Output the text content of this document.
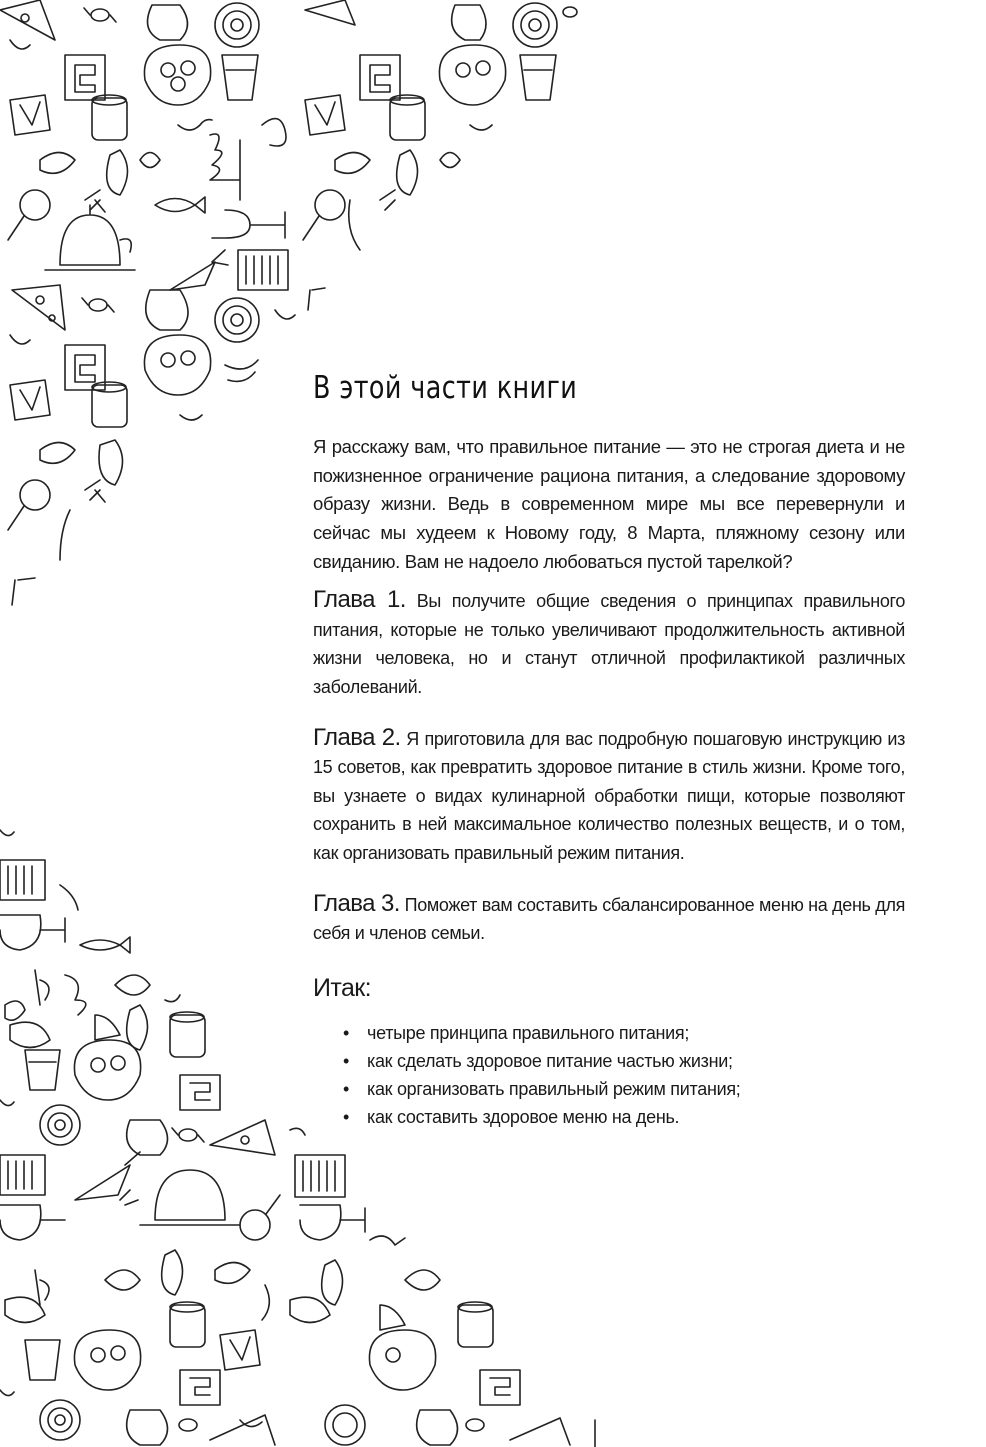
В этой части книги

Я расскажу вам, что правильное питание — это не строгая диета и не пожизненное ограничение рациона питания, а следование здоровому образу жизни. Ведь в современном мире мы все перевернули и сейчас мы худеем к Новому году, 8 Марта, пляжному сезону или свиданию. Вам не надоело любоваться пустой тарелкой?

Глава 1. Вы получите общие сведения о принципах правильного питания, которые не только увеличивают продолжительность активной жизни человека, но и станут отличной профилактикой различных заболеваний.

Глава 2. Я приготовила для вас подробную пошаговую инструкцию из 15 советов, как превратить здоровое питание в стиль жизни. Кроме того, вы узнаете о видах кулинарной обработки пищи, которые позволяют сохранить в ней максимальное количество полезных веществ, и о том, как организовать правильный режим питания.

Глава 3. Поможет вам составить сбалансированное меню на день для себя и членов семьи.

Итак:
• четыре принципа правильного питания;
• как сделать здоровое питание частью жизни;
• как организовать правильный режим питания;
• как составить здоровое меню на день.
